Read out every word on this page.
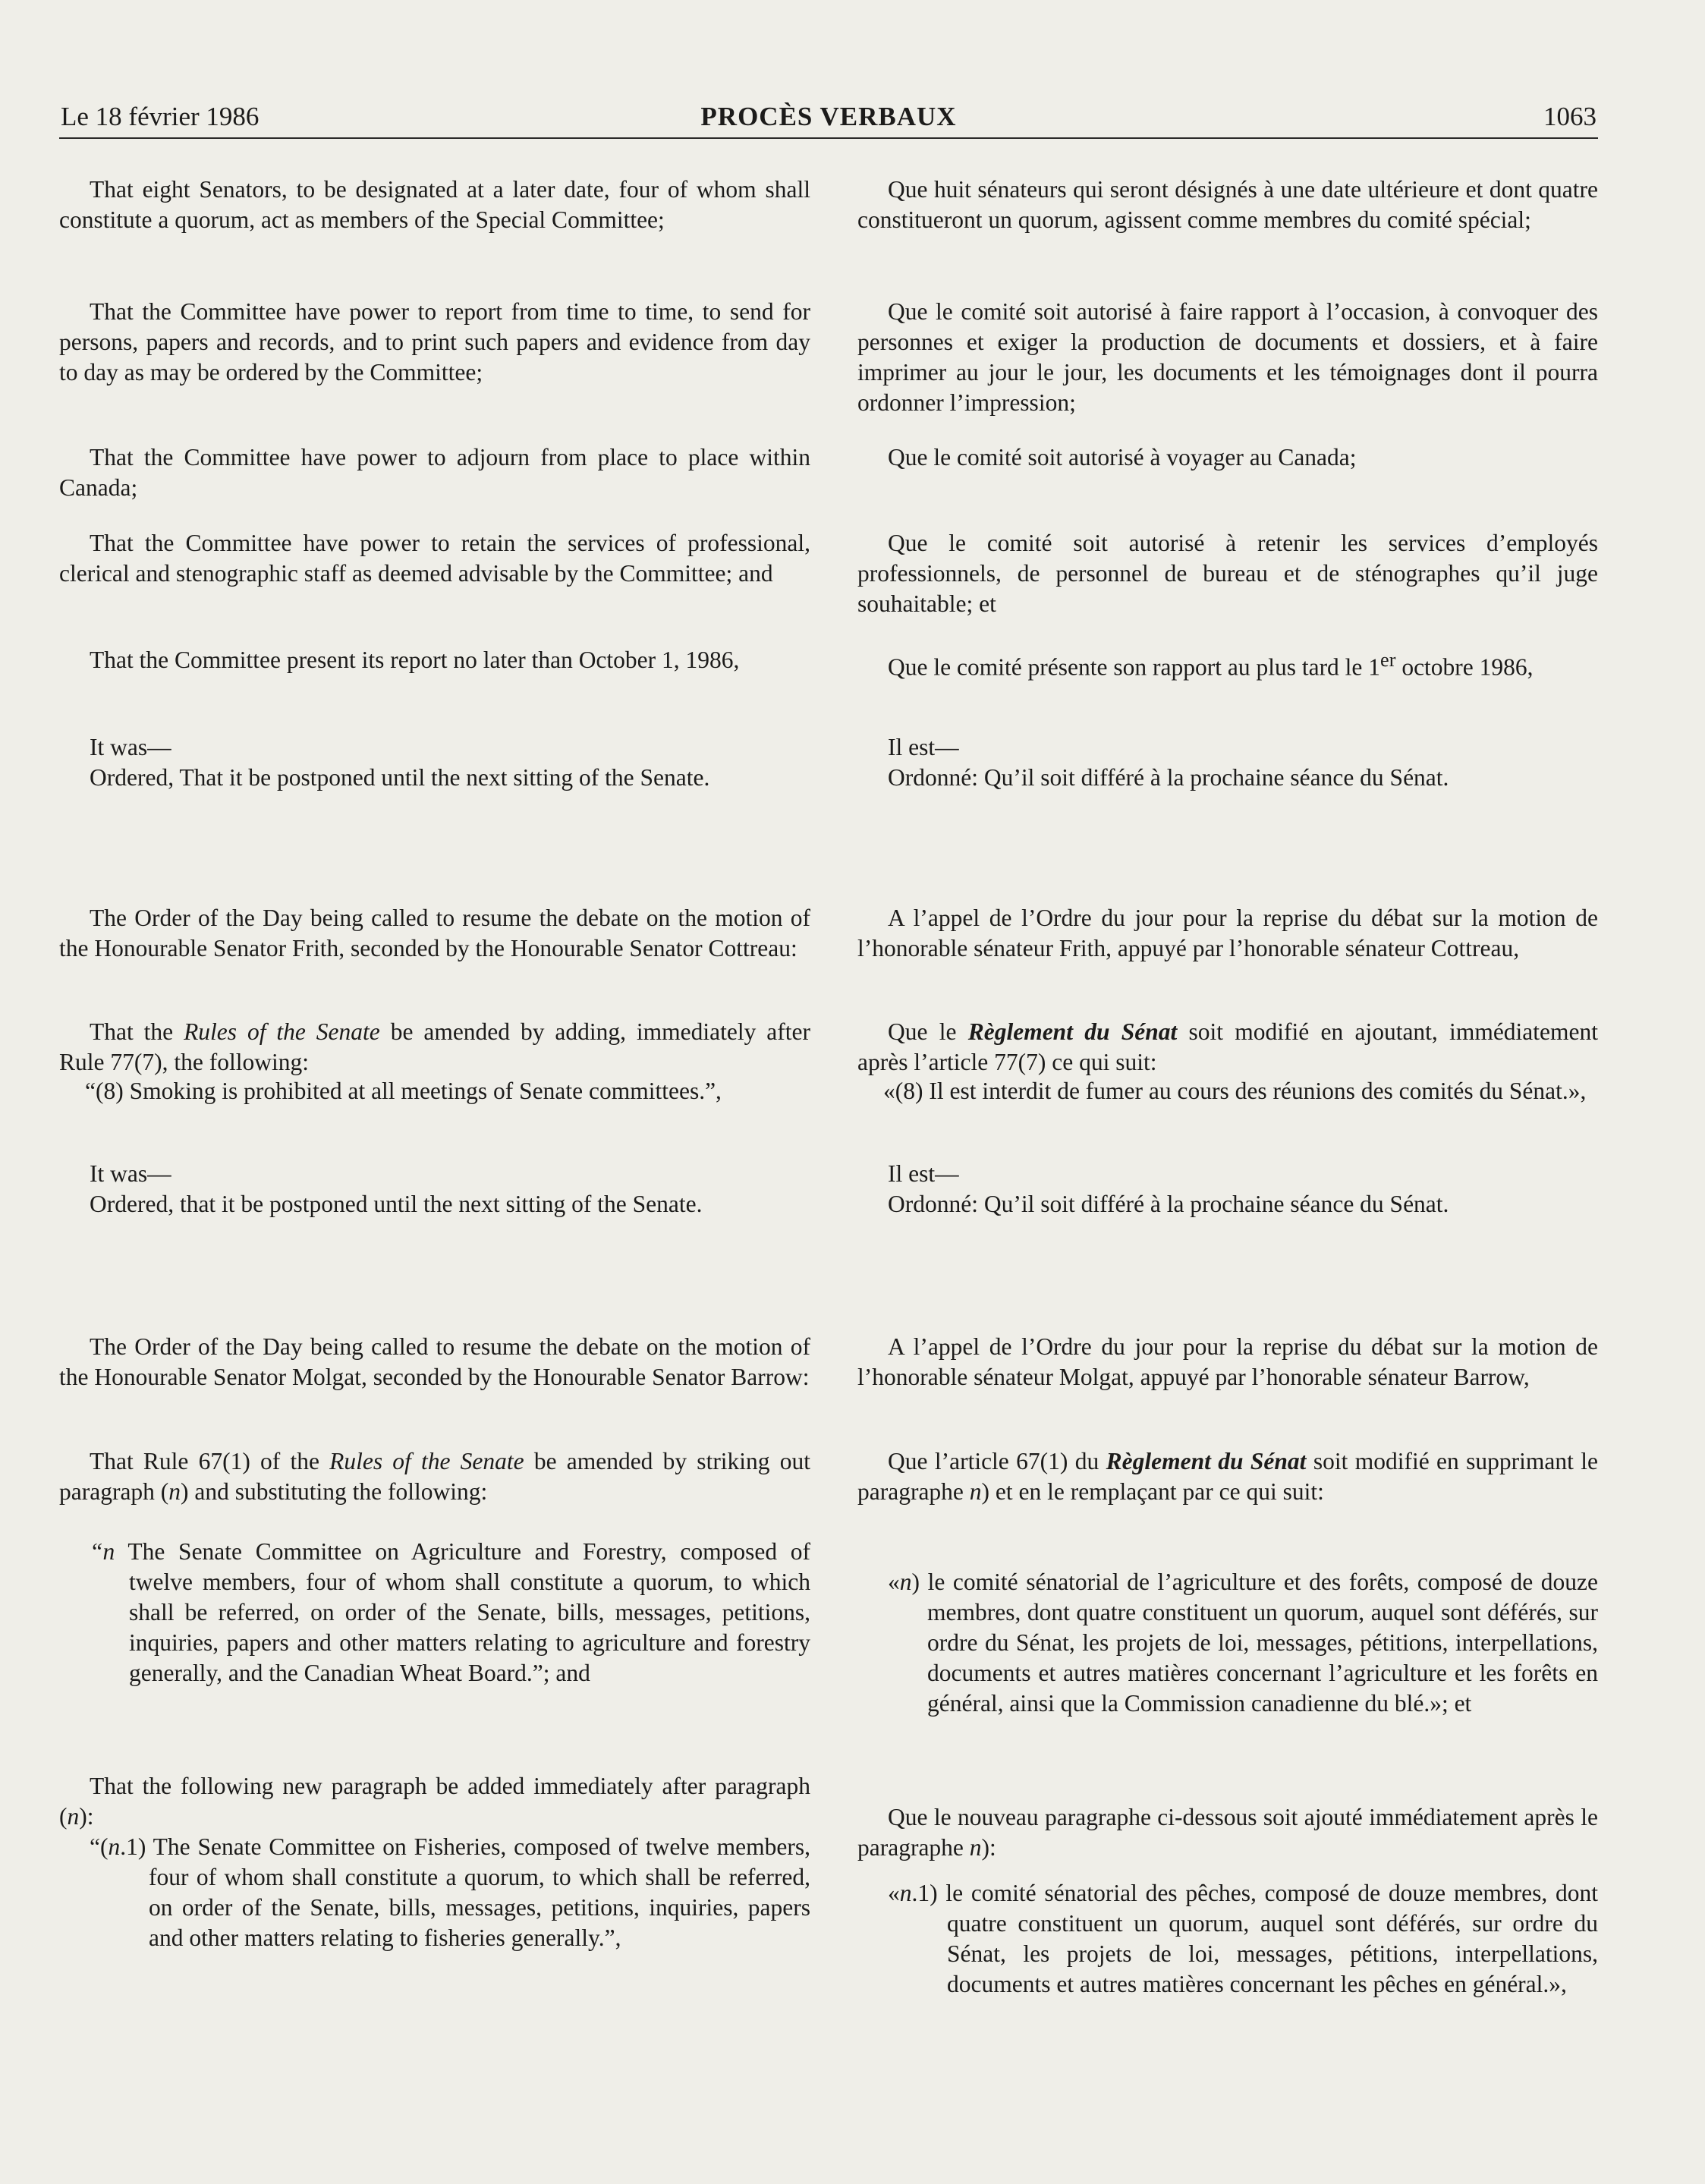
Le 18 février 1986	PROCÈS VERBAUX	1063

That eight Senators, to be designated at a later date, four of whom shall constitute a quorum, act as members of the Special Committee;

That the Committee have power to report from time to time, to send for persons, papers and records, and to print such papers and evidence from day to day as may be ordered by the Committee;

That the Committee have power to adjourn from place to place within Canada;

That the Committee have power to retain the services of professional, clerical and stenographic staff as deemed advisable by the Committee; and

That the Committee present its report no later than October 1, 1986,

It was—

Ordered, That it be postponed until the next sitting of the Senate.

The Order of the Day being called to resume the debate on the motion of the Honourable Senator Frith, seconded by the Honourable Senator Cottreau:

That the Rules of the Senate be amended by adding, immediately after Rule 77(7), the following:

“(8) Smoking is prohibited at all meetings of Senate committees.”,

It was—

Ordered, that it be postponed until the next sitting of the Senate.

The Order of the Day being called to resume the debate on the motion of the Honourable Senator Molgat, seconded by the Honourable Senator Barrow:

That Rule 67(1) of the Rules of the Senate be amended by striking out paragraph (n) and substituting the following:

“n The Senate Committee on Agriculture and Forestry, composed of twelve members, four of whom shall constitute a quorum, to which shall be referred, on order of the Senate, bills, messages, petitions, inquiries, papers and other matters relating to agriculture and forestry generally, and the Canadian Wheat Board.”; and

That the following new paragraph be added immediately after paragraph (n):

“(n.1) The Senate Committee on Fisheries, composed of twelve members, four of whom shall constitute a quorum, to which shall be referred, on order of the Senate, bills, messages, petitions, inquiries, papers and other matters relating to fisheries generally.”,

Que huit sénateurs qui seront désignés à une date ultérieure et dont quatre constitueront un quorum, agissent comme membres du comité spécial;

Que le comité soit autorisé à faire rapport à l’occasion, à convoquer des personnes et exiger la production de documents et dossiers, et à faire imprimer au jour le jour, les documents et les témoignages dont il pourra ordonner l’impression;

Que le comité soit autorisé à voyager au Canada;

Que le comité soit autorisé à retenir les services d’employés professionnels, de personnel de bureau et de sténographes qu’il juge souhaitable; et

Que le comité présente son rapport au plus tard le 1er octobre 1986,

Il est—

Ordonné: Qu’il soit différé à la prochaine séance du Sénat.

A l’appel de l’Ordre du jour pour la reprise du débat sur la motion de l’honorable sénateur Frith, appuyé par l’honorable sénateur Cottreau,

Que le Règlement du Sénat soit modifié en ajoutant, immédiatement après l’article 77(7) ce qui suit:

«(8) Il est interdit de fumer au cours des réunions des comités du Sénat.»,

Il est—

Ordonné: Qu’il soit différé à la prochaine séance du Sénat.

A l’appel de l’Ordre du jour pour la reprise du débat sur la motion de l’honorable sénateur Molgat, appuyé par l’honorable sénateur Barrow,

Que l’article 67(1) du Règlement du Sénat soit modifié en supprimant le paragraphe n) et en le remplaçant par ce qui suit:

«n) le comité sénatorial de l’agriculture et des forêts, composé de douze membres, dont quatre constituent un quorum, auquel sont déférés, sur ordre du Sénat, les projets de loi, messages, pétitions, interpellations, documents et autres matières concernant l’agriculture et les forêts en général, ainsi que la Commission canadienne du blé.»; et

Que le nouveau paragraphe ci-dessous soit ajouté immédiatement après le paragraphe n):

«n.1) le comité sénatorial des pêches, composé de douze membres, dont quatre constituent un quorum, auquel sont déférés, sur ordre du Sénat, les projets de loi, messages, pétitions, interpellations, documents et autres matières concernant les pêches en général.»,
